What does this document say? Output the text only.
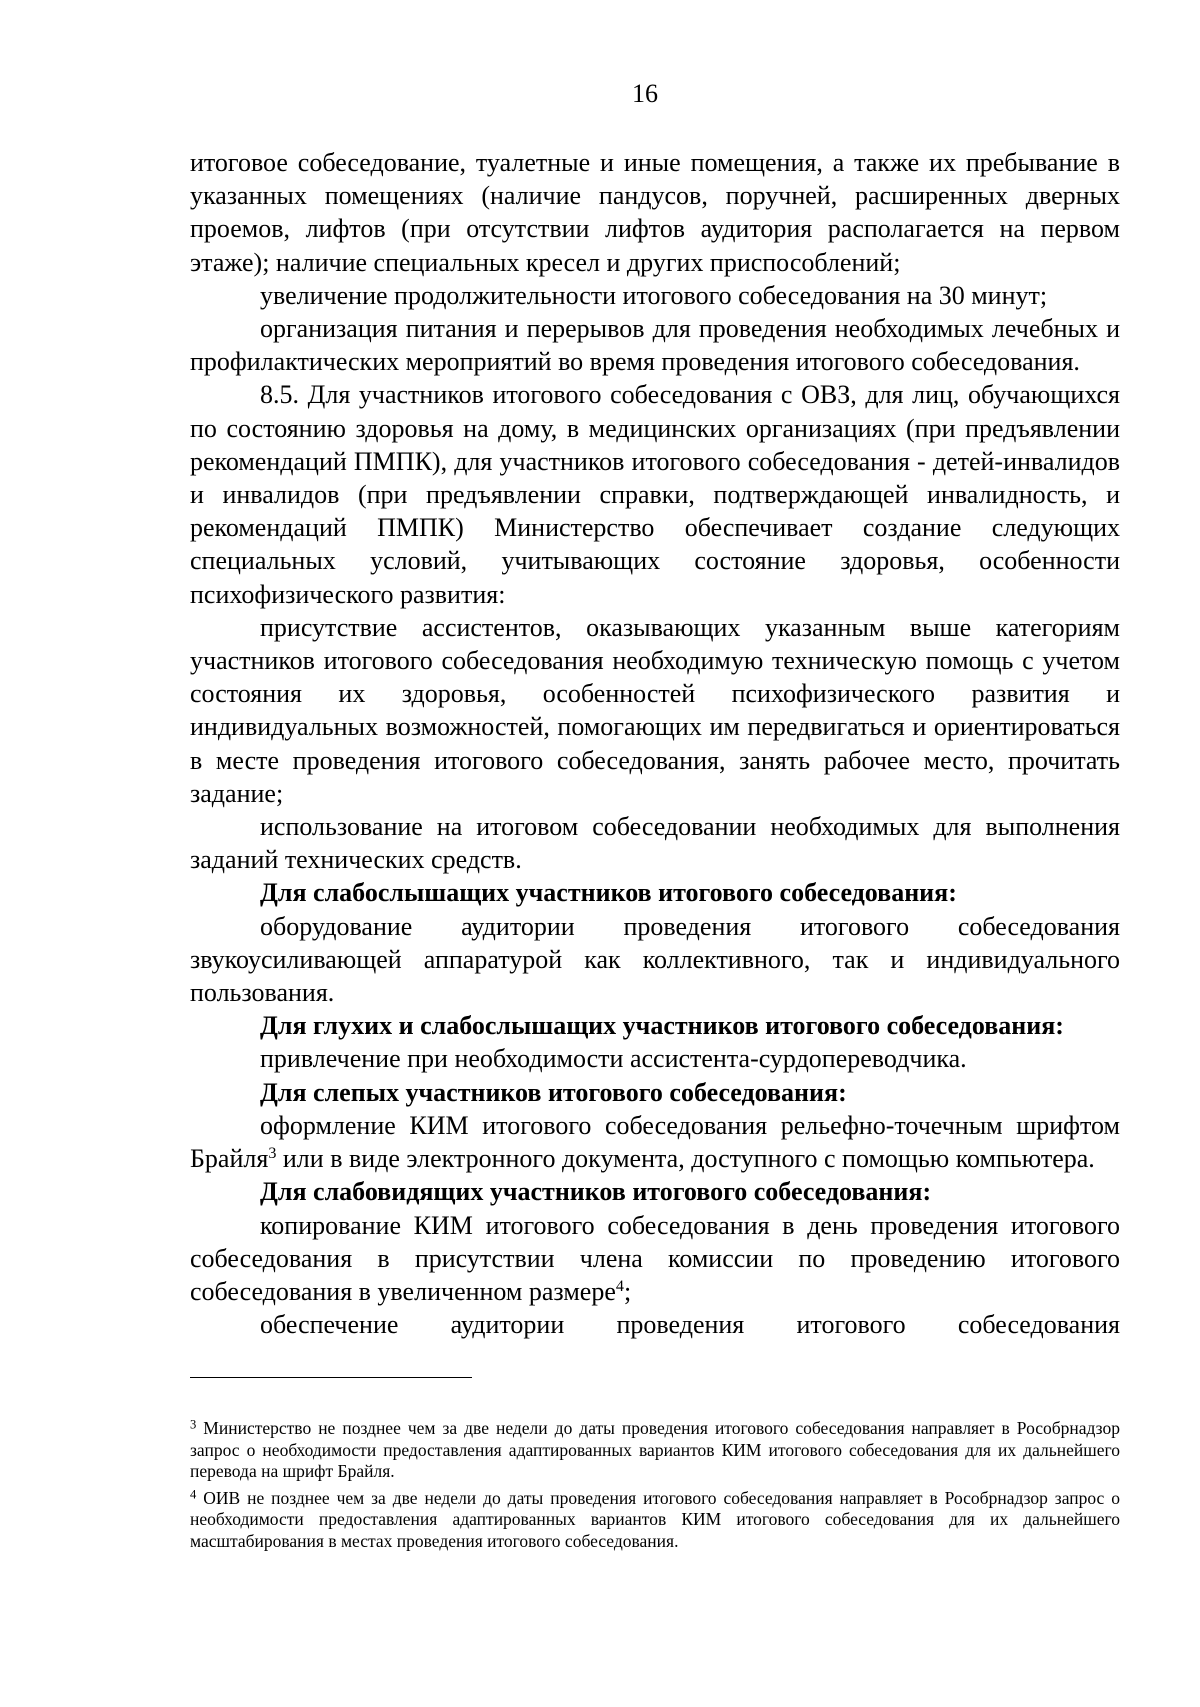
16

итоговое собеседование, туалетные и иные помещения, а также их пребывание в указанных помещениях (наличие пандусов, поручней, расширенных дверных проемов, лифтов (при отсутствии лифтов аудитория располагается на первом этаже); наличие специальных кресел и других приспособлений;

увеличение продолжительности итогового собеседования на 30 минут;

организация питания и перерывов для проведения необходимых лечебных и профилактических мероприятий во время проведения итогового собеседования.

8.5. Для участников итогового собеседования с ОВЗ, для лиц, обучающихся по состоянию здоровья на дому, в медицинских организациях (при предъявлении рекомендаций ПМПК), для участников итогового собеседования - детей-инвалидов и инвалидов (при предъявлении справки, подтверждающей инвалидность, и рекомендаций ПМПК) Министерство обеспечивает создание следующих специальных условий, учитывающих состояние здоровья, особенности психофизического развития:

присутствие ассистентов, оказывающих указанным выше категориям участников итогового собеседования необходимую техническую помощь с учетом состояния их здоровья, особенностей психофизического развития и индивидуальных возможностей, помогающих им передвигаться и ориентироваться в месте проведения итогового собеседования, занять рабочее место, прочитать задание;

использование на итоговом собеседовании необходимых для выполнения заданий технических средств.

Для слабослышащих участников итогового собеседования:

оборудование аудитории проведения итогового собеседования звукоусиливающей аппаратурой как коллективного, так и индивидуального пользования.

Для глухих и слабослышащих участников итогового собеседования:

привлечение при необходимости ассистента-сурдопереводчика.

Для слепых участников итогового собеседования:

оформление КИМ итогового собеседования рельефно-точечным шрифтом Брайля$^3$ или в виде электронного документа, доступного с помощью компьютера.

Для слабовидящих участников итогового собеседования:

копирование КИМ итогового собеседования в день проведения итогового собеседования в присутствии члена комиссии по проведению итогового собеседования в увеличенном размере$^4$;

обеспечение аудитории проведения итогового собеседования

$^3$ Министерство не позднее чем за две недели до даты проведения итогового собеседования направляет в Рособрнадзор запрос о необходимости предоставления адаптированных вариантов КИМ итогового собеседования для их дальнейшего перевода на шрифт Брайля.

$^4$ ОИВ не позднее чем за две недели до даты проведения итогового собеседования направляет в Рособрнадзор запрос о необходимости предоставления адаптированных вариантов КИМ итогового собеседования для их дальнейшего масштабирования в местах проведения итогового собеседования.
